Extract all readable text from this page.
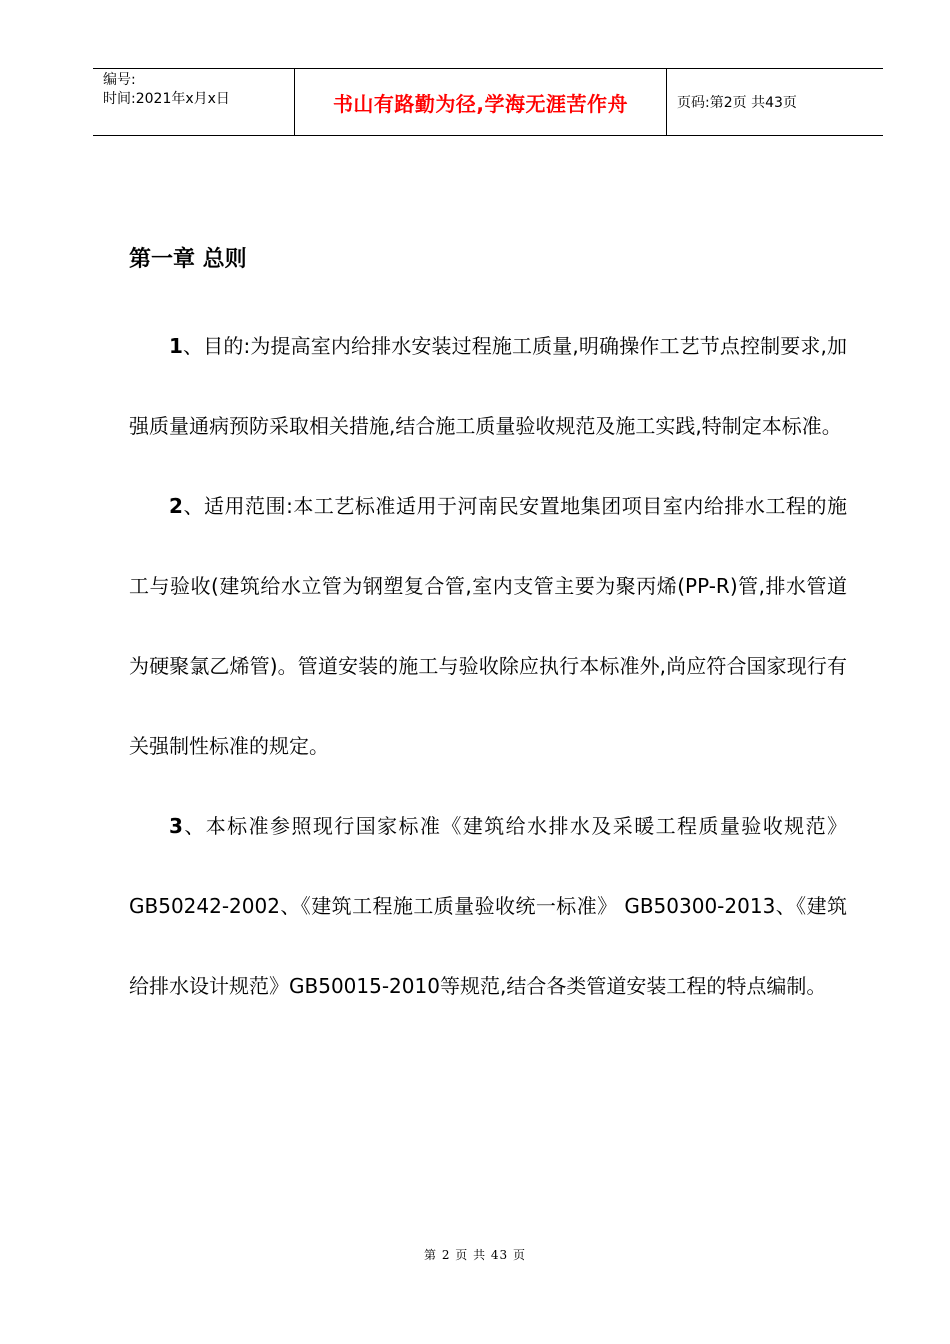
编号:
时间:2021年x月x日	书山有路勤为径,学海无涯苦作舟	页码:第2页 共43页
第一章 总则

1、目的:为提高室内给排水安装过程施工质量,明确操作工艺节点控制要求,加强质量通病预防采取相关措施,结合施工质量验收规范及施工实践,特制定本标准。

2、适用范围:本工艺标准适用于河南民安置地集团项目室内给排水工程的施工与验收(建筑给水立管为钢塑复合管,室内支管主要为聚丙烯(PP-R)管,排水管道为硬聚氯乙烯管)。管道安装的施工与验收除应执行本标准外,尚应符合国家现行有关强制性标准的规定。

3、本标准参照现行国家标准《建筑给水排水及采暖工程质量验收规范》GB50242-2002、《建筑工程施工质量验收统一标准》 GB50300-2013、《建筑给排水设计规范》GB50015-2010等规范,结合各类管道安装工程的特点编制。

第 2 页 共 43 页
